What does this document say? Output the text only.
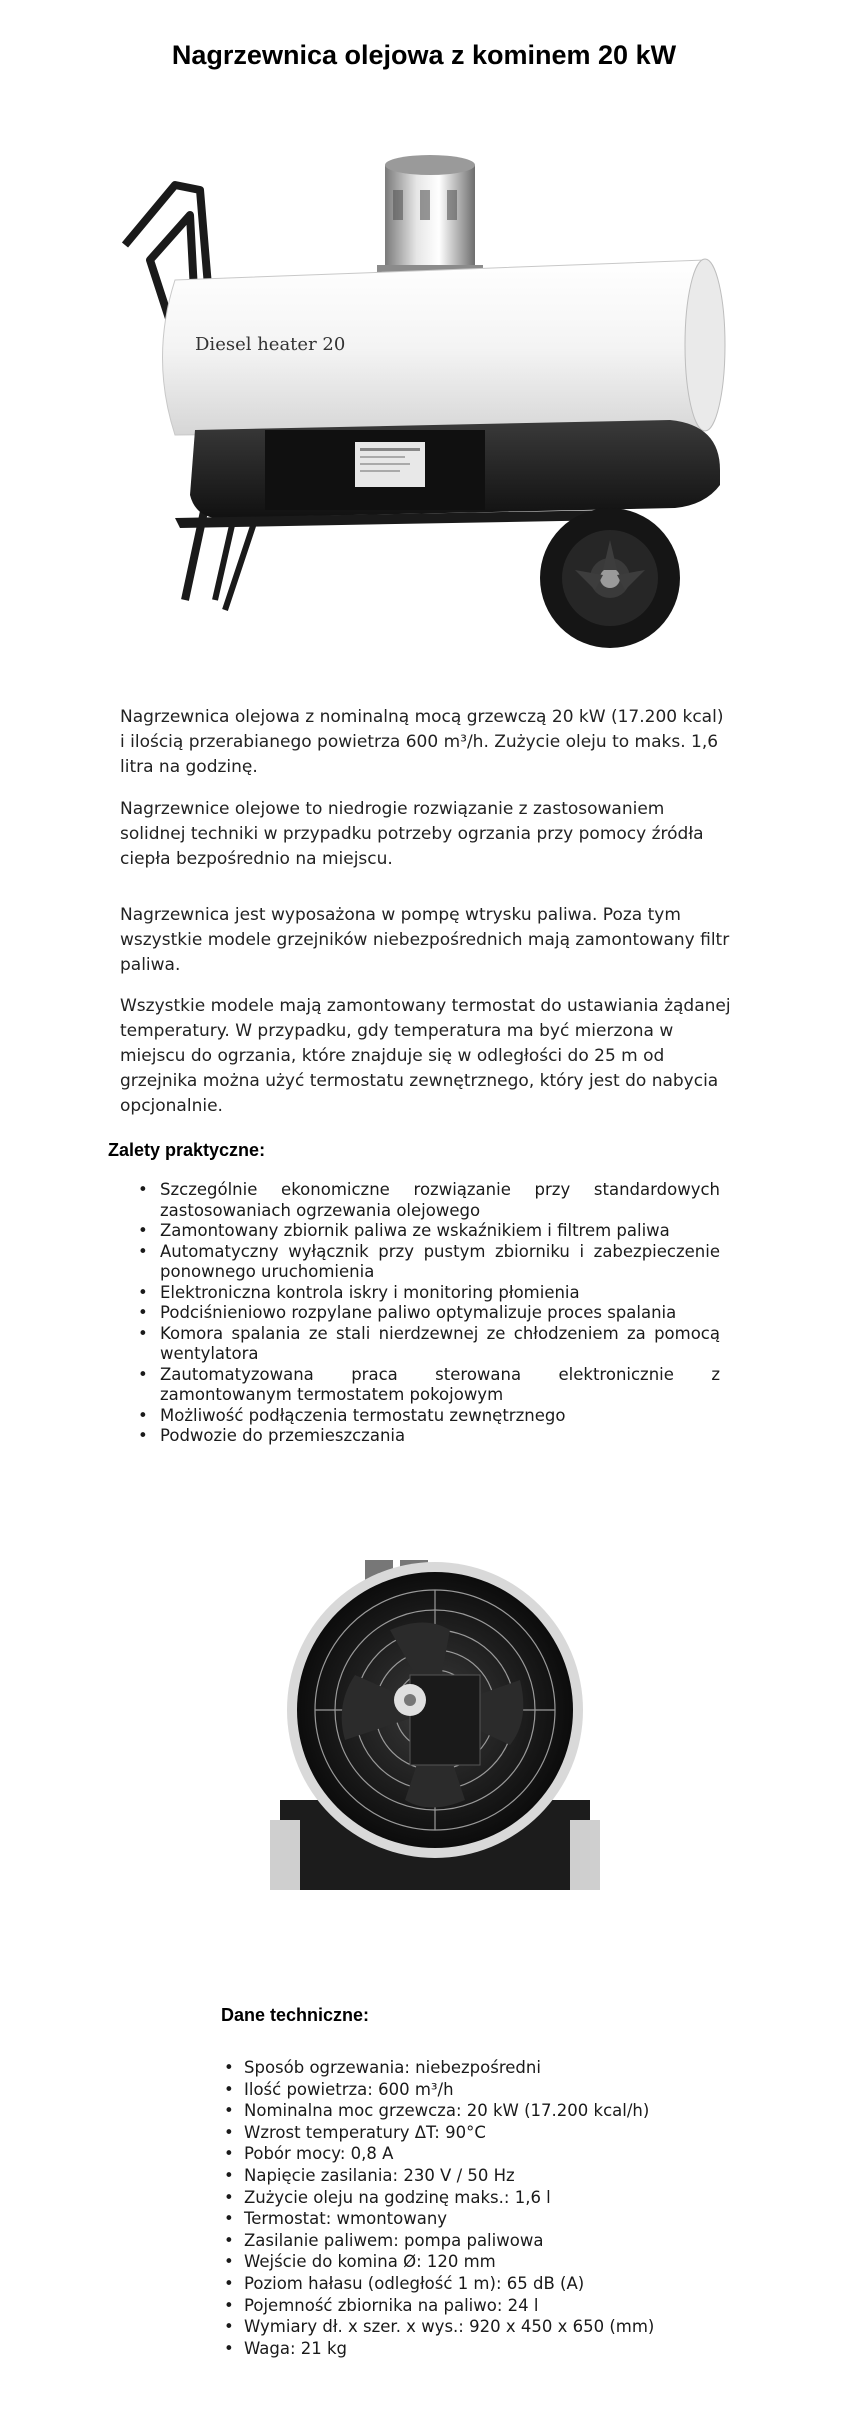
Nagrzewnica olejowa z kominem 20 kW
Diesel heater 20
Nagrzewnica olejowa z nominalną mocą grzewczą 20 kW (17.200 kcal) i ilością przerabianego powietrza 600 m³/h. Zużycie oleju to maks. 1,6 litra na godzinę.
Nagrzewnice olejowe to niedrogie rozwiązanie z zastosowaniem solidnej techniki w przypadku potrzeby ogrzania przy pomocy źródła ciepła bezpośrednio na miejscu.
Nagrzewnica jest wyposażona w pompę wtrysku paliwa. Poza tym wszystkie modele grzejników niebezpośrednich mają zamontowany filtr paliwa.
Wszystkie modele mają zamontowany termostat do ustawiania żądanej temperatury. W przypadku, gdy temperatura ma być mierzona w miejscu do ogrzania, które znajduje się w odległości do 25 m od grzejnika można użyć termostatu zewnętrznego, który jest do nabycia opcjonalnie.
Zalety praktyczne:
• Szczególnie ekonomiczne rozwiązanie przy standardowych zastosowaniach ogrzewania olejowego
• Zamontowany zbiornik paliwa ze wskaźnikiem i filtrem paliwa
• Automatyczny wyłącznik przy pustym zbiorniku i zabezpieczenie ponownego uruchomienia
• Elektroniczna kontrola iskry i monitoring płomienia
• Podciśnieniowo rozpylane paliwo optymalizuje proces spalania
• Komora spalania ze stali nierdzewnej ze chłodzeniem za pomocą wentylatora
• Zautomatyzowana praca sterowana elektronicznie z zamontowanym termostatem pokojowym
• Możliwość podłączenia termostatu zewnętrznego
• Podwozie do przemieszczania
Dane techniczne:
• Sposób ogrzewania: niebezpośredni
• Ilość powietrza: 600 m³/h
• Nominalna moc grzewcza: 20 kW (17.200 kcal/h)
• Wzrost temperatury ΔT: 90°C
• Pobór mocy: 0,8 A
• Napięcie zasilania: 230 V / 50 Hz
• Zużycie oleju na godzinę maks.: 1,6 l
• Termostat: wmontowany
• Zasilanie paliwem: pompa paliwowa
• Wejście do komina Ø: 120 mm
• Poziom hałasu (odległość 1 m): 65 dB (A)
• Pojemność zbiornika na paliwo: 24 l
• Wymiary dł. x szer. x wys.: 920 x 450 x 650 (mm)
• Waga: 21 kg
